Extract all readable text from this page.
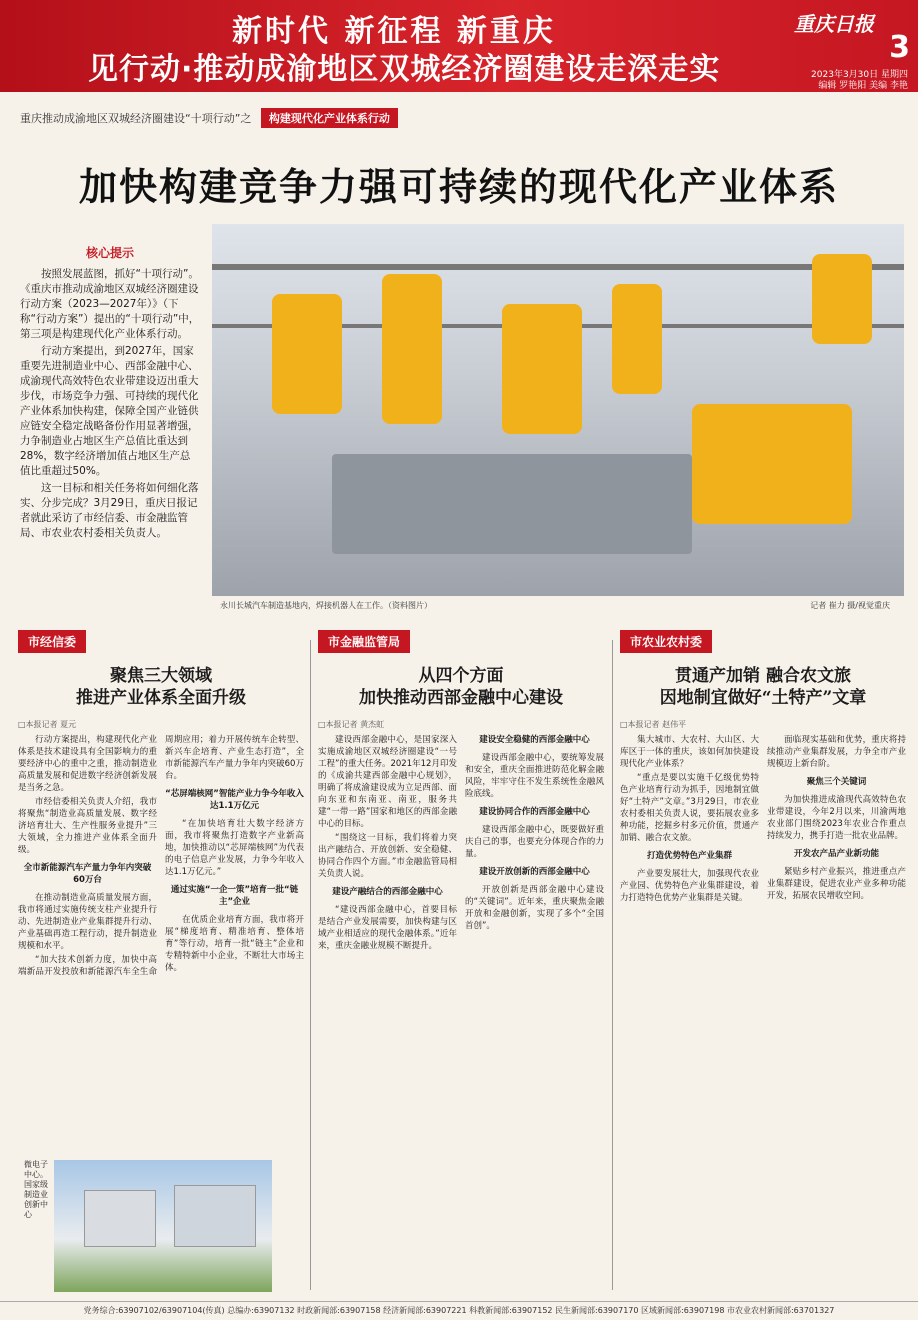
新时代 新征程 新重庆
见行动·推动成渝地区双城经济圈建设走深走实
重庆日报
3
2023年3月30日 星期四
编辑 罗艳阳 美编 李艳
重庆推动成渝地区双城经济圈建设“十项行动”之 构建现代化产业体系行动
加快构建竞争力强可持续的现代化产业体系
核心提示

按照发展蓝图，抓好“十项行动”。《重庆市推动成渝地区双城经济圈建设行动方案（2023—2027年）》（下称“行动方案”）提出的“十项行动”中，第三项是构建现代化产业体系行动。

行动方案提出，到2027年，国家重要先进制造业中心、西部金融中心、成渝现代高效特色农业带建设迈出重大步伐，市场竞争力强、可持续的现代化产业体系加快构建，保障全国产业链供应链安全稳定战略备份作用显著增强，力争制造业占地区生产总值比重达到28%，数字经济增加值占地区生产总值比重超过50%。

这一目标和相关任务将如何细化落实、分步完成？3月29日，重庆日报记者就此采访了市经信委、市金融监管局、市农业农村委相关负责人。

永川长城汽车制造基地内，焊接机器人在工作。（资料图片）	记者 崔力 摄/视觉重庆
市经信委
聚焦三大领域
推进产业体系全面升级
□本报记者 夏元

行动方案提出，构建现代化产业体系是技术建设具有全国影响力的重要经济中心的重中之重，推动制造业高质量发展和促进数字经济创新发展是当务之急。

市经信委相关负责人介绍，我市将聚焦“制造业高质量发展、数字经济培育壮大、生产性服务业提升”三大领域，全力推进产业体系全面升级。

全市新能源汽车产量力争年内突破60万台

在推动制造业高质量发展方面，我市将通过实施传统支柱产业提升行动、先进制造业产业集群提升行动、产业基础再造工程行动，提升制造业规模和水平。

“加大技术创新力度，加快中高端新品开发投放和新能源汽车全生命周期应用；着力开展传统车企转型、新兴车企培育、产业生态打造”，全市新能源汽车产量力争年内突破60万台。

“芯屏端核网”智能产业力争今年收入达1.1万亿元

“在加快培育壮大数字经济方面，我市将聚焦打造数字产业新高地，加快推动以“芯屏端核网”为代表的电子信息产业发展，力争今年收入达1.1万亿元。”

通过实施“一企一策”培育一批“链主”企业

在优质企业培育方面，我市将开展“梯度培育、精准培育、整体培育”等行动，培育一批“链主”企业和专精特新中小企业，不断壮大市场主体。

市金融监管局
从四个方面
加快推动西部金融中心建设
□本报记者 黄杰虹

建设西部金融中心，是国家深入实施成渝地区双城经济圈建设“一号工程”的重大任务。2021年12月印发的《成渝共建西部金融中心规划》，明确了将成渝建设成为立足西部、面向东亚和东南亚、南亚，服务共建“一带一路”国家和地区的西部金融中心的目标。

“围绕这一目标，我们将着力突出产融结合、开放创新、安全稳健、协同合作四个方面。”市金融监管局相关负责人说。

建设产融结合的西部金融中心

“建设西部金融中心，首要目标是结合产业发展需要，加快构建与区域产业相适应的现代金融体系。”近年来，重庆金融业规模不断提升。

建设安全稳健的西部金融中心

建设西部金融中心，要统筹发展和安全，重庆全面推进防范化解金融风险，牢牢守住不发生系统性金融风险底线。

建设协同合作的西部金融中心

建设西部金融中心，既要做好重庆自己的事，也要充分体现合作的力量。

建设开放创新的西部金融中心

开放创新是西部金融中心建设的“关键词”。近年来，重庆聚焦金融开放和金融创新，实现了多个“全国首创”。

市农业农村委
贯通产加销 融合农文旅
因地制宜做好“土特产”文章
□本报记者 赵伟平

集大城市、大农村、大山区、大库区于一体的重庆，该如何加快建设现代化产业体系？

“重点是要以实施千亿级优势特色产业培育行动为抓手，因地制宜做好“土特产”文章。”3月29日，市农业农村委相关负责人说，要拓展农业多种功能，挖掘乡村多元价值，贯通产加销、融合农文旅。

打造优势特色产业集群

产业要发展壮大，加强现代农业产业园、优势特色产业集群建设，着力打造特色优势产业集群是关键。

面临现实基础和优势，重庆将持续推动产业集群发展，力争全市产业规模迈上新台阶。

聚焦三个关键词

为加快推进成渝现代高效特色农业带建设，今年2月以来，川渝两地农业部门围绕2023年农业合作重点持续发力，携手打造一批农业品牌。

开发农产品产业新功能

紧贴乡村产业振兴，推进重点产业集群建设，促进农业产业多种功能开发，拓展农民增收空间。

微电子中心。国家级制造业创新中心
党务综合:63907102/63907104(传真) 总编办:63907132 时政新闻部:63907158 经济新闻部:63907221 科教新闻部:63907152 民生新闻部:63907170 区域新闻部:63907198 市农业农村新闻部:63701327
